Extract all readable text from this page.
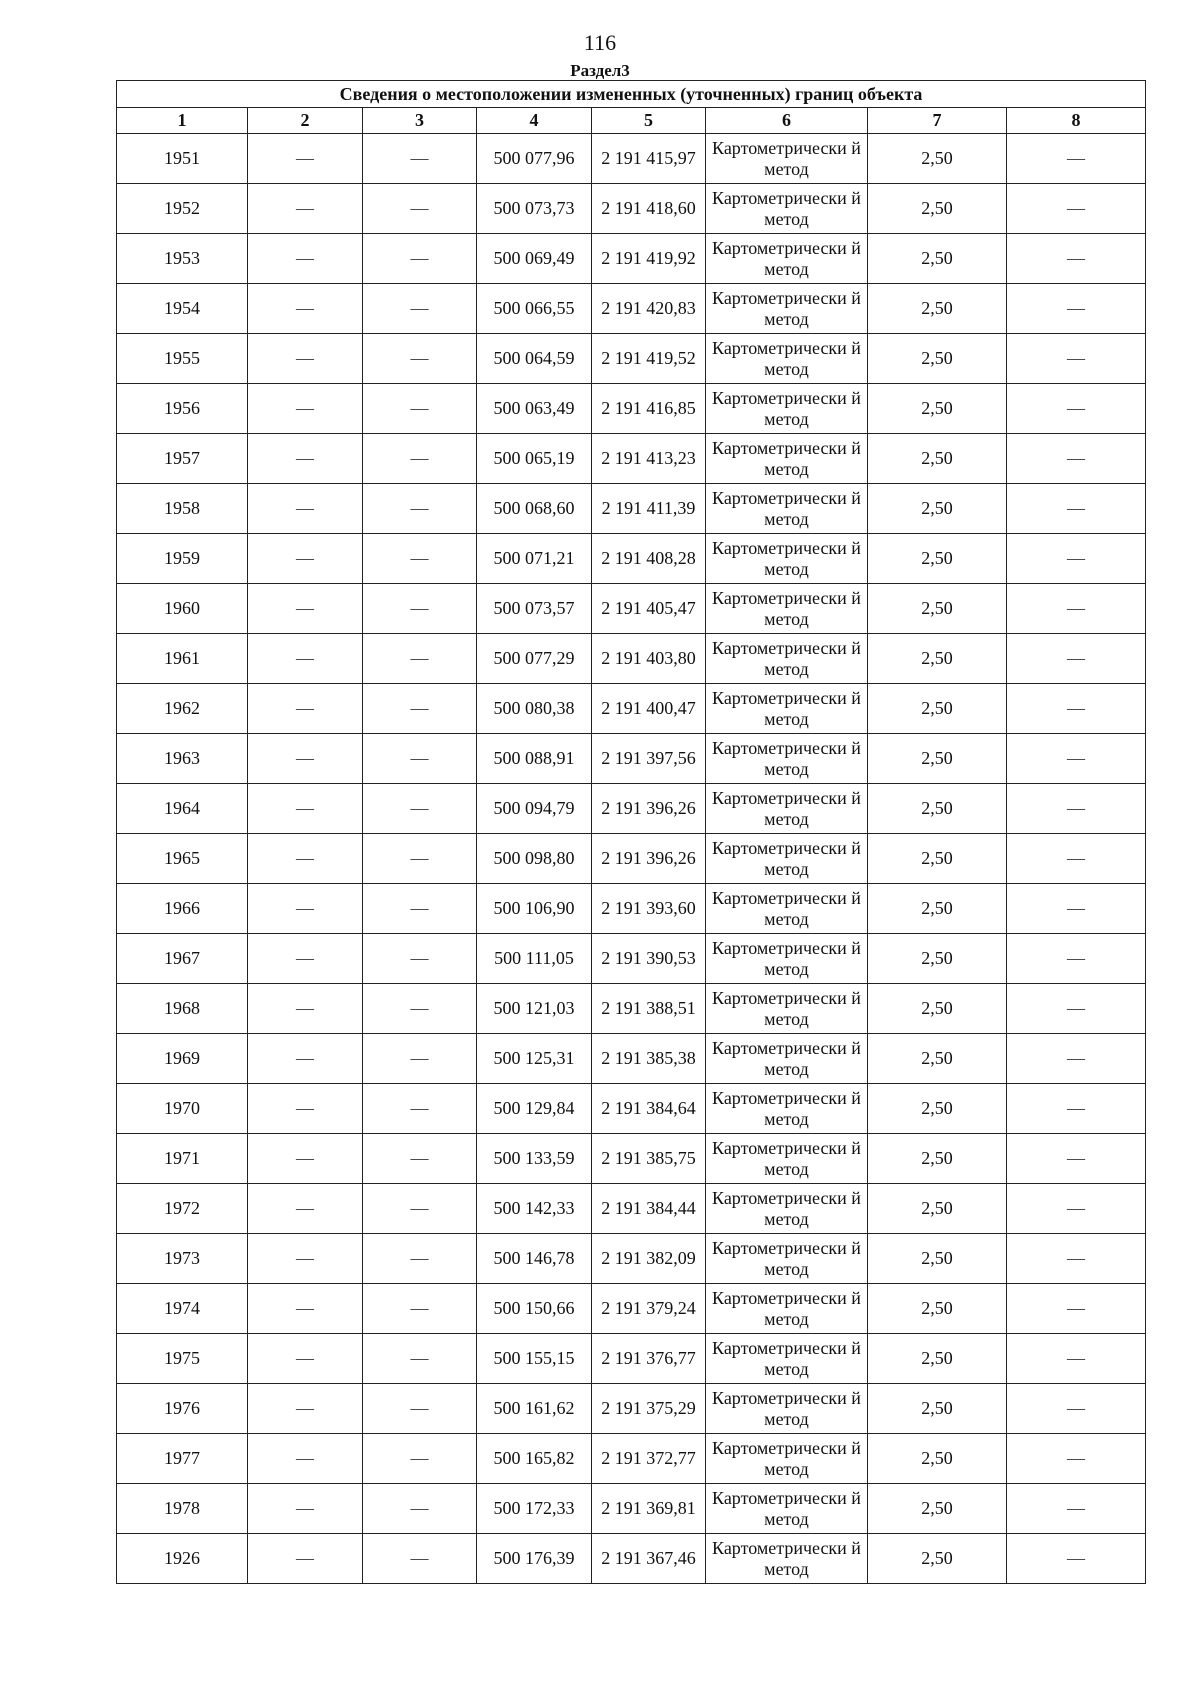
116
Раздел3
Сведения о местоположении измененных (уточненных) границ объекта							
1	2	3	4	5	6	7	8
1951	—	—	500 077,96	2 191 415,97	Картометрически й метод	2,50	—
1952	—	—	500 073,73	2 191 418,60	Картометрически й метод	2,50	—
1953	—	—	500 069,49	2 191 419,92	Картометрически й метод	2,50	—
1954	—	—	500 066,55	2 191 420,83	Картометрически й метод	2,50	—
1955	—	—	500 064,59	2 191 419,52	Картометрически й метод	2,50	—
1956	—	—	500 063,49	2 191 416,85	Картометрически й метод	2,50	—
1957	—	—	500 065,19	2 191 413,23	Картометрически й метод	2,50	—
1958	—	—	500 068,60	2 191 411,39	Картометрически й метод	2,50	—
1959	—	—	500 071,21	2 191 408,28	Картометрически й метод	2,50	—
1960	—	—	500 073,57	2 191 405,47	Картометрически й метод	2,50	—
1961	—	—	500 077,29	2 191 403,80	Картометрически й метод	2,50	—
1962	—	—	500 080,38	2 191 400,47	Картометрически й метод	2,50	—
1963	—	—	500 088,91	2 191 397,56	Картометрически й метод	2,50	—
1964	—	—	500 094,79	2 191 396,26	Картометрически й метод	2,50	—
1965	—	—	500 098,80	2 191 396,26	Картометрически й метод	2,50	—
1966	—	—	500 106,90	2 191 393,60	Картометрически й метод	2,50	—
1967	—	—	500 111,05	2 191 390,53	Картометрически й метод	2,50	—
1968	—	—	500 121,03	2 191 388,51	Картометрически й метод	2,50	—
1969	—	—	500 125,31	2 191 385,38	Картометрически й метод	2,50	—
1970	—	—	500 129,84	2 191 384,64	Картометрически й метод	2,50	—
1971	—	—	500 133,59	2 191 385,75	Картометрически й метод	2,50	—
1972	—	—	500 142,33	2 191 384,44	Картометрически й метод	2,50	—
1973	—	—	500 146,78	2 191 382,09	Картометрически й метод	2,50	—
1974	—	—	500 150,66	2 191 379,24	Картометрически й метод	2,50	—
1975	—	—	500 155,15	2 191 376,77	Картометрически й метод	2,50	—
1976	—	—	500 161,62	2 191 375,29	Картометрически й метод	2,50	—
1977	—	—	500 165,82	2 191 372,77	Картометрически й метод	2,50	—
1978	—	—	500 172,33	2 191 369,81	Картометрически й метод	2,50	—
1926	—	—	500 176,39	2 191 367,46	Картометрически й метод	2,50	—
